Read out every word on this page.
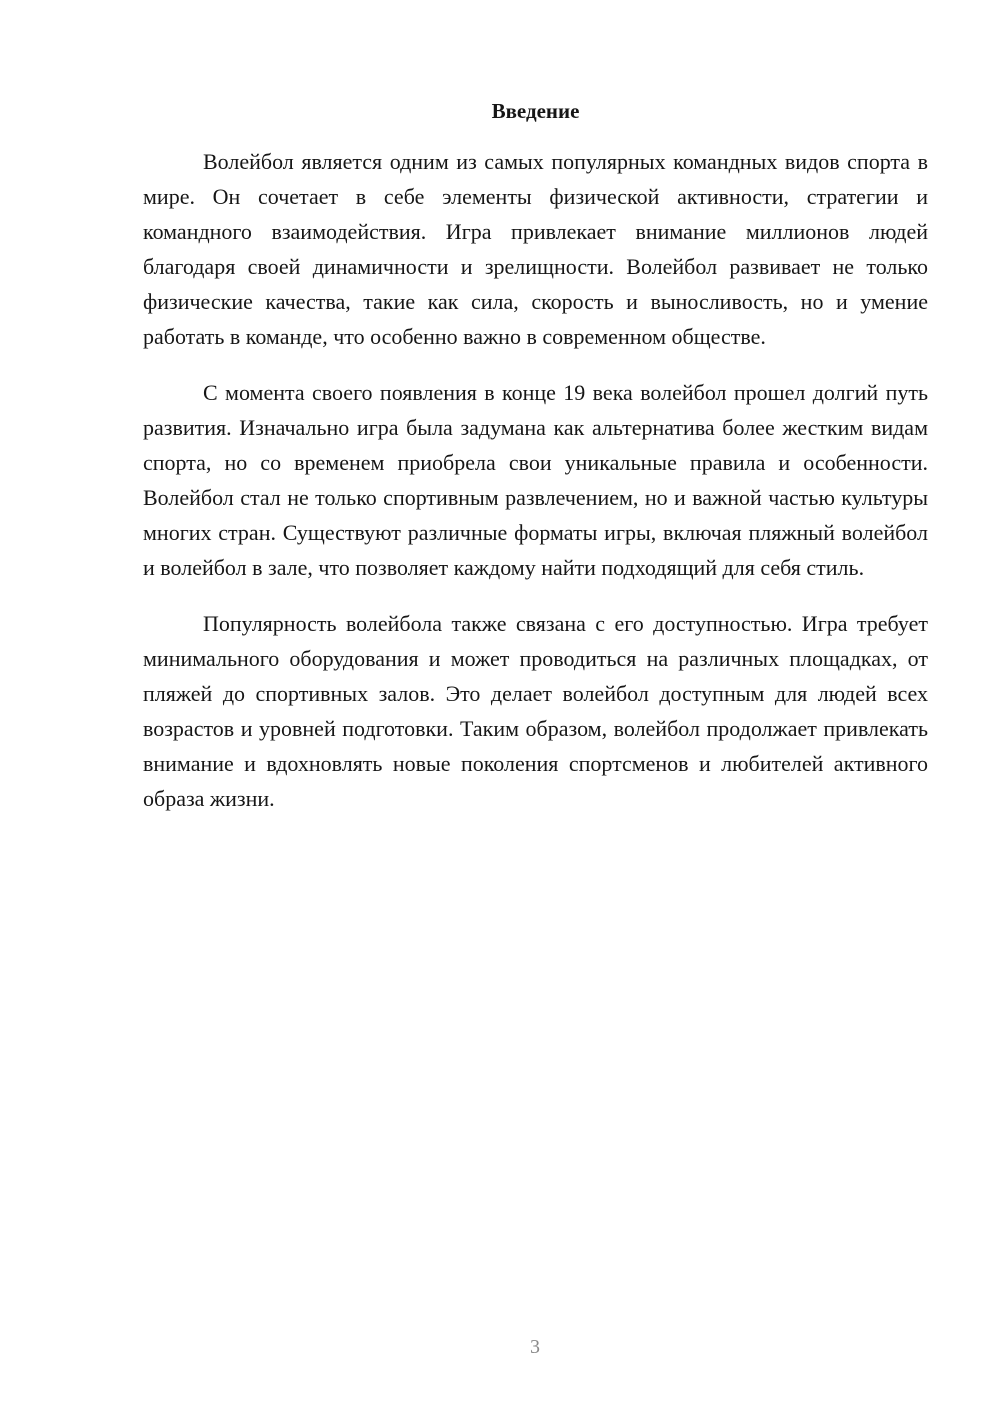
Введение

Волейбол является одним из самых популярных командных видов спорта в мире. Он сочетает в себе элементы физической активности, стратегии и командного взаимодействия. Игра привлекает внимание миллионов людей благодаря своей динамичности и зрелищности. Волейбол развивает не только физические качества, такие как сила, скорость и выносливость, но и умение работать в команде, что особенно важно в современном обществе.

С момента своего появления в конце 19 века волейбол прошел долгий путь развития. Изначально игра была задумана как альтернатива более жестким видам спорта, но со временем приобрела свои уникальные правила и особенности. Волейбол стал не только спортивным развлечением, но и важной частью культуры многих стран. Существуют различные форматы игры, включая пляжный волейбол и волейбол в зале, что позволяет каждому найти подходящий для себя стиль.

Популярность волейбола также связана с его доступностью. Игра требует минимального оборудования и может проводиться на различных площадках, от пляжей до спортивных залов. Это делает волейбол доступным для людей всех возрастов и уровней подготовки. Таким образом, волейбол продолжает привлекать внимание и вдохновлять новые поколения спортсменов и любителей активного образа жизни.

3
